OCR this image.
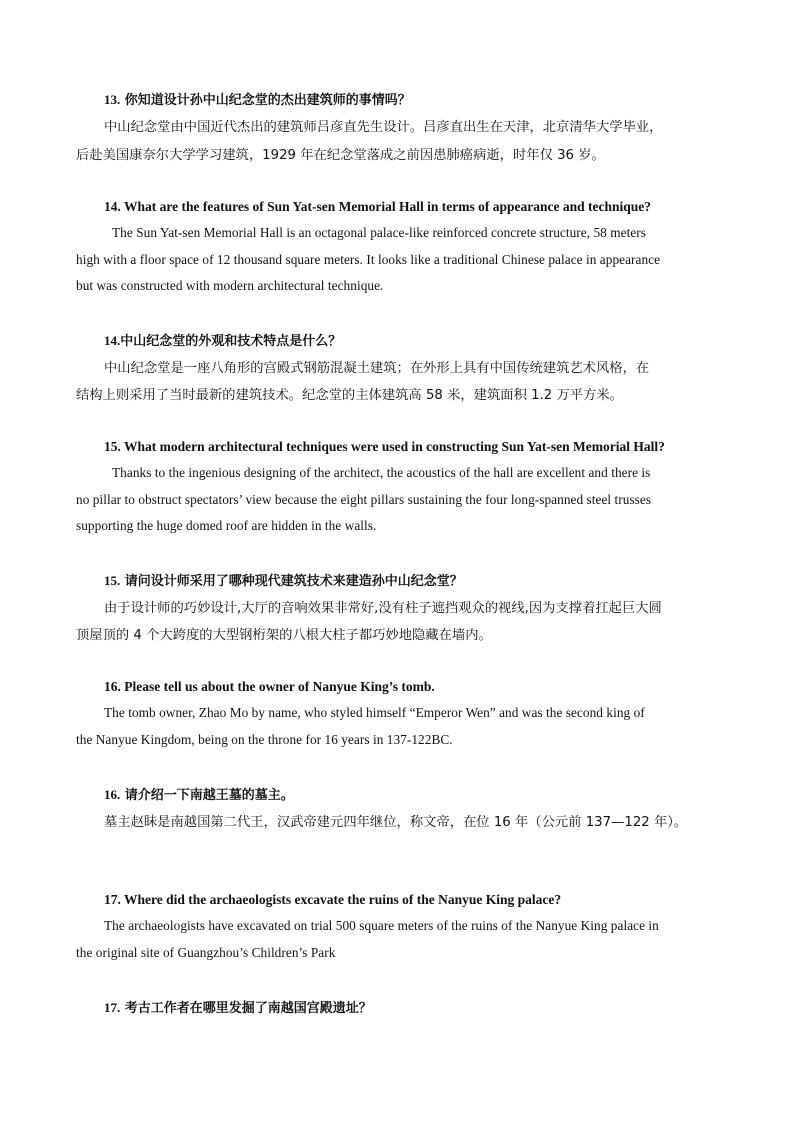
13. 你知道设计孙中山纪念堂的杰出建筑师的事情吗？
中山纪念堂由中国近代杰出的建筑师吕彦直先生设计。吕彦直出生在天津，北京清华大学毕业，
后赴美国康奈尔大学学习建筑，1929 年在纪念堂落成之前因患肺癌病逝，时年仅 36 岁。
14. What are the features of Sun Yat-sen Memorial Hall in terms of appearance and technique?
The Sun Yat-sen Memorial Hall is an octagonal palace-like reinforced concrete structure, 58 meters
high with a floor space of 12 thousand square meters. It looks like a traditional Chinese palace in appearance
but was constructed with modern architectural technique.
14.中山纪念堂的外观和技术特点是什么？
中山纪念堂是一座八角形的宫殿式钢筋混凝土建筑；在外形上具有中国传统建筑艺术风格，在
结构上则采用了当时最新的建筑技术。纪念堂的主体建筑高 58 米，建筑面积 1.2 万平方米。
15. What modern architectural techniques were used in constructing Sun Yat-sen Memorial Hall?
Thanks to the ingenious designing of the architect, the acoustics of the hall are excellent and there is
no pillar to obstruct spectators’ view because the eight pillars sustaining the four long-spanned steel trusses
supporting the huge domed roof are hidden in the walls.
15. 请问设计师采用了哪种现代建筑技术来建造孙中山纪念堂？
由于设计师的巧妙设计,大厅的音响效果非常好,没有柱子遮挡观众的视线,因为支撑着扛起巨大圆
顶屋顶的 4 个大跨度的大型钢桁架的八根大柱子都巧妙地隐藏在墙内。
16. Please tell us about the owner of Nanyue King’s tomb.
The tomb owner, Zhao Mo by name, who styled himself “Emperor Wen” and was the second king of
the Nanyue Kingdom, being on the throne for 16 years in 137-122BC.
16. 请介绍一下南越王墓的墓主。
墓主赵眛是南越国第二代王，汉武帝建元四年继位，称文帝，在位 16 年（公元前 137—122 年）。
17. Where did the archaeologists excavate the ruins of the Nanyue King palace?
The archaeologists have excavated on trial 500 square meters of the ruins of the Nanyue King palace in
the original site of Guangzhou’s Children’s Park
17. 考古工作者在哪里发掘了南越国宫殿遗址？
